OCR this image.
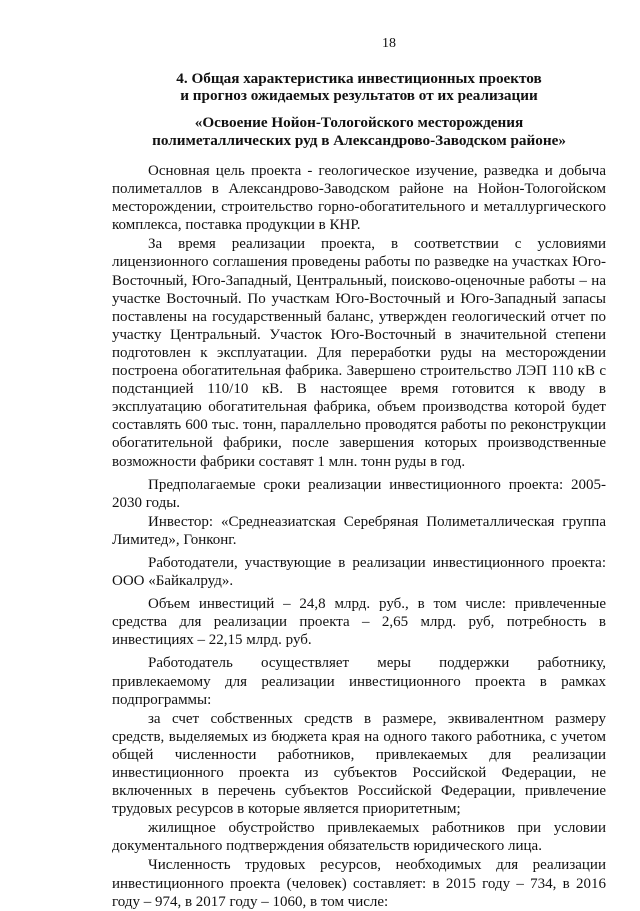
18
4. Общая характеристика инвестиционных проектов
и прогноз ожидаемых результатов от их реализации
«Освоение Нойон-Тологойского месторождения
полиметаллических руд в Александрово-Заводском районе»

Основная цель проекта - геологическое изучение, разведка и добыча полиметаллов в Александрово-Заводском районе на Нойон-Тологойском месторождении, строительство горно-обогатительного и металлургического комплекса, поставка продукции в КНР.

За время реализации проекта, в соответствии с условиями лицензионного соглашения проведены работы по разведке на участках Юго-Восточный, Юго-Западный, Центральный, поисково-оценочные работы – на участке Восточный. По участкам Юго-Восточный и Юго-Западный запасы поставлены на государственный баланс, утвержден геологический отчет по участку Центральный. Участок Юго-Восточный в значительной степени подготовлен к эксплуатации. Для переработки руды на месторождении построена обогатительная фабрика. Завершено строительство ЛЭП 110 кВ с подстанцией 110/10 кВ. В настоящее время готовится к вводу в эксплуатацию обогатительная фабрика, объем производства которой будет составлять 600 тыс. тонн, параллельно проводятся работы по реконструкции обогатительной фабрики, после завершения которых производственные возможности фабрики составят 1 млн. тонн руды в год.

Предполагаемые сроки реализации инвестиционного проекта: 2005-2030 годы.

Инвестор: «Среднеазиатская Серебряная Полиметаллическая группа Лимитед», Гонконг.

Работодатели, участвующие в реализации инвестиционного проекта: ООО «Байкалруд».

Объем инвестиций – 24,8 млрд. руб., в том числе: привлеченные средства для реализации проекта – 2,65 млрд. руб, потребность в инвестициях – 22,15 млрд. руб.

Работодатель осуществляет меры поддержки работнику, привлекаемому для реализации инвестиционного проекта в рамках подпрограммы:

за счет собственных средств в размере, эквивалентном размеру средств, выделяемых из бюджета края на одного такого работника, с учетом общей численности работников, привлекаемых для реализации инвестиционного проекта из субъектов Российской Федерации, не включенных в перечень субъектов Российской Федерации, привлечение трудовых ресурсов в которые является приоритетным;

жилищное обустройство привлекаемых работников при условии документального подтверждения обязательств юридического лица.

Численность трудовых ресурсов, необходимых для реализации инвестиционного проекта (человек) составляет: в 2015 году – 734, в 2016 году – 974, в 2017 году – 1060, в том числе:
